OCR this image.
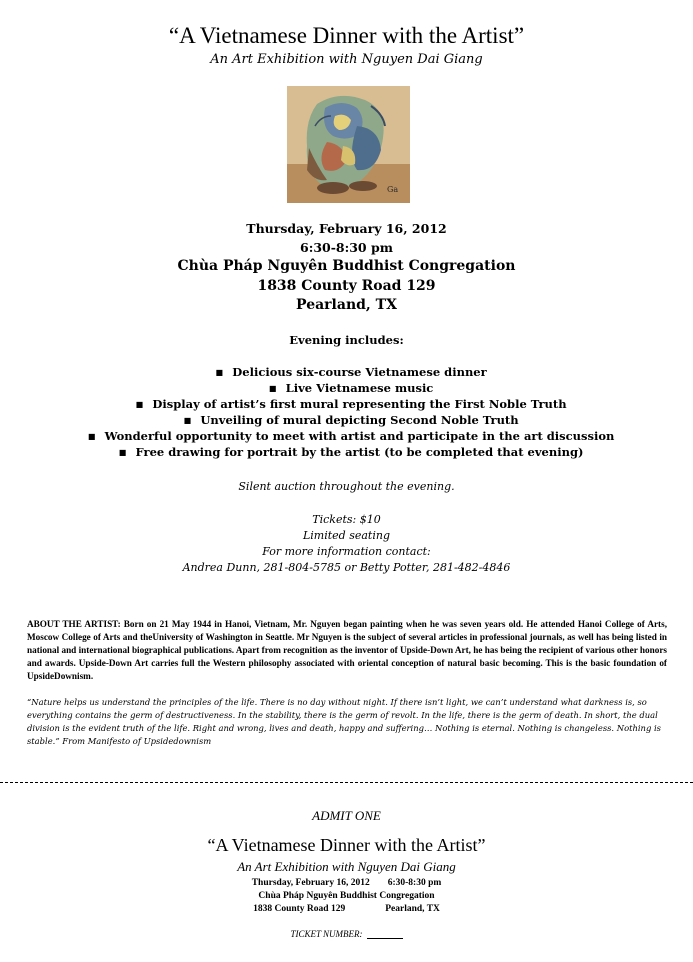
“A Vietnamese Dinner with the Artist”
An Art Exhibition with Nguyen Dai Giang
Ga
Thursday, February 16, 2012
6:30-8:30 pm
Chùa Pháp Nguyên Buddhist Congregation
1838 County Road 129
Pearland, TX
Evening includes:
■ Delicious six-course Vietnamese dinner
■ Live Vietnamese music
■ Display of artist’s first mural representing the First Noble Truth
■ Unveiling of mural depicting Second Noble Truth
■ Wonderful opportunity to meet with artist and participate in the art discussion
■ Free drawing for portrait by the artist (to be completed that evening)
Silent auction throughout the evening.
Tickets: $10
Limited seating
For more information contact:
Andrea Dunn, 281-804-5785 or Betty Potter, 281-482-4846
ABOUT THE ARTIST: Born on 21 May 1944 in Hanoi, Vietnam, Mr. Nguyen began painting when he was seven years old. He attended Hanoi College of Arts, Moscow College of Arts and theUniversity of Washington in Seattle. Mr Nguyen is the subject of several articles in professional journals, as well has being listed in national and international biographical publications. Apart from recognition as the inventor of Upside-Down Art, he has being the recipient of various other honors and awards. Upside-Down Art carries full the Western philosophy associated with oriental conception of natural basic becoming. This is the basic foundation of UpsideDownism.
“Nature helps us understand the principles of the life. There is no day without night. If there isn’t light, we can’t understand what darkness is, so everything contains the germ of destructiveness. In the stability, there is the germ of revolt. In the life, there is the germ of death. In short, the dual division is the evident truth of the life. Right and wrong, lives and death, happy and suffering… Nothing is eternal. Nothing is changeless. Nothing is stable.” From Manifesto of Upsidedownism
ADMIT ONE
“A Vietnamese Dinner with the Artist”
An Art Exhibition with Nguyen Dai Giang
Thursday, February 16, 2012 6:30-8:30 pm
Chùa Pháp Nguyên Buddhist Congregation
1838 County Road 129	Pearland, TX
TICKET NUMBER:
